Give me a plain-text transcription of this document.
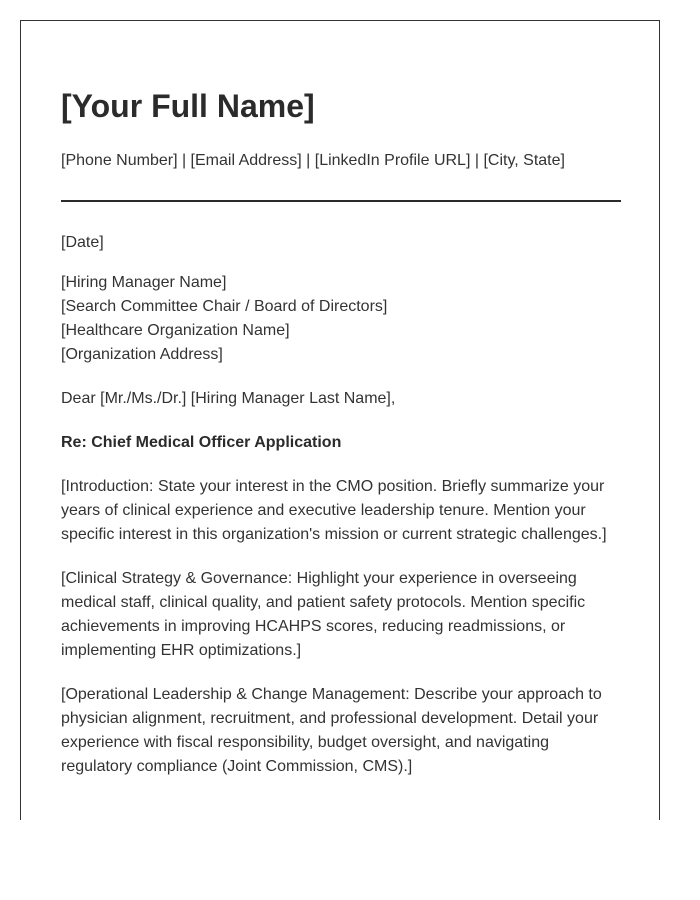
[Your Full Name]
[Phone Number] | [Email Address] | [LinkedIn Profile URL] | [City, State]

[Date]

[Hiring Manager Name]
[Search Committee Chair / Board of Directors]
[Healthcare Organization Name]
[Organization Address]

Dear [Mr./Ms./Dr.] [Hiring Manager Last Name],

Re: Chief Medical Officer Application

[Introduction: State your interest in the CMO position. Briefly summarize your years of clinical experience and executive leadership tenure. Mention your specific interest in this organization's mission or current strategic challenges.]

[Clinical Strategy & Governance: Highlight your experience in overseeing medical staff, clinical quality, and patient safety protocols. Mention specific achievements in improving HCAHPS scores, reducing readmissions, or implementing EHR optimizations.]

[Operational Leadership & Change Management: Describe your approach to physician alignment, recruitment, and professional development. Detail your experience with fiscal responsibility, budget oversight, and navigating regulatory compliance (Joint Commission, CMS).]
